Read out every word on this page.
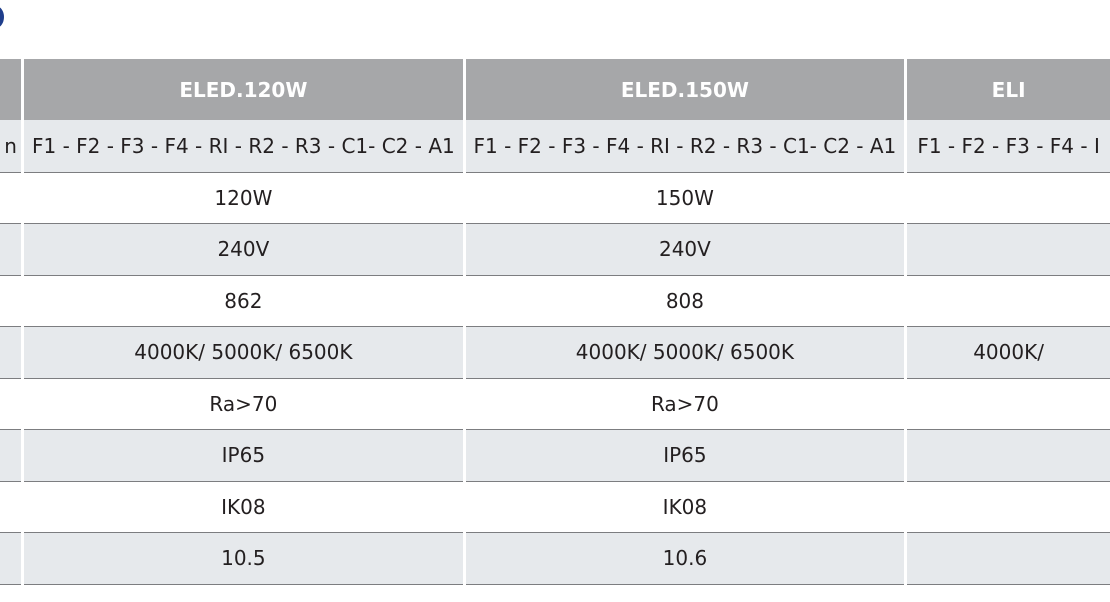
	ELED.120W	ELED.150W	ELI
n	F1 - F2 - F3 - F4 - RI - R2 - R3 - C1- C2 - A1	F1 - F2 - F3 - F4 - RI - R2 - R3 - C1- C2 - A1	F1 - F2 - F3 - F4 - I
	120W	150W	
	240V	240V	
	862	808	
	4000K/ 5000K/ 6500K	4000K/ 5000K/ 6500K	4000K/
	Ra>70	Ra>70	
	IP65	IP65	
	IK08	IK08	
	10.5	10.6	
